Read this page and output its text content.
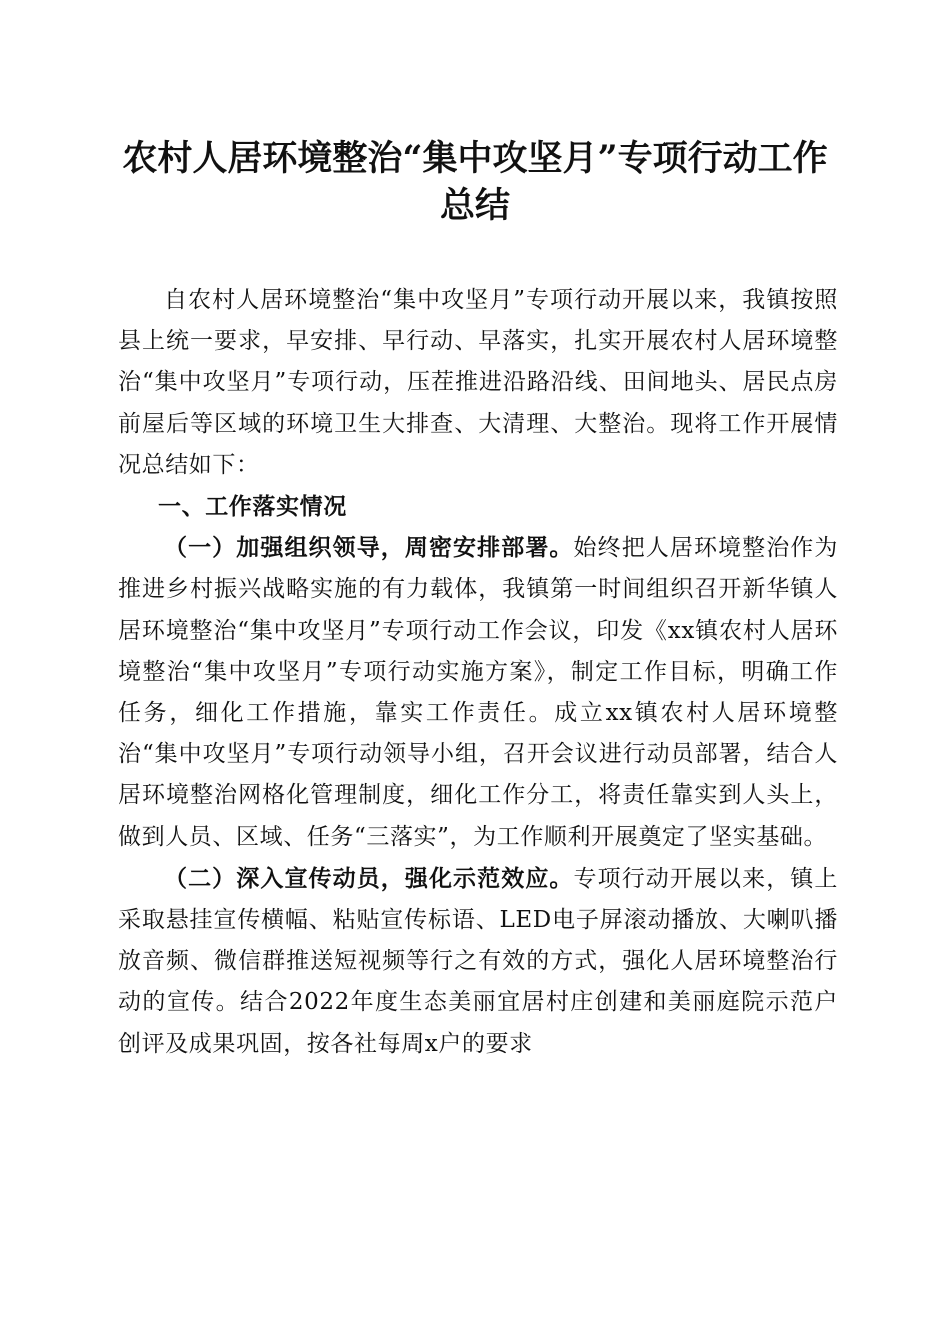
农村人居环境整治“集中攻坚月”专项行动工作总结

自农村人居环境整治“集中攻坚月”专项行动开展以来，我镇按照县上统一要求，早安排、早行动、早落实，扎实开展农村人居环境整治“集中攻坚月”专项行动，压茬推进沿路沿线、田间地头、居民点房前屋后等区域的环境卫生大排查、大清理、大整治。现将工作开展情况总结如下：

一、工作落实情况

（一）加强组织领导，周密安排部署。始终把人居环境整治作为推进乡村振兴战略实施的有力载体，我镇第一时间组织召开新华镇人居环境整治“集中攻坚月”专项行动工作会议，印发《xx镇农村人居环境整治“集中攻坚月”专项行动实施方案》，制定工作目标，明确工作任务，细化工作措施，靠实工作责任。成立xx镇农村人居环境整治“集中攻坚月”专项行动领导小组，召开会议进行动员部署，结合人居环境整治网格化管理制度，细化工作分工，将责任靠实到人头上，做到人员、区域、任务“三落实”，为工作顺利开展奠定了坚实基础。

（二）深入宣传动员，强化示范效应。专项行动开展以来，镇上采取悬挂宣传横幅、粘贴宣传标语、LED电子屏滚动播放、大喇叭播放音频、微信群推送短视频等行之有效的方式，强化人居环境整治行动的宣传。结合2022年度生态美丽宜居村庄创建和美丽庭院示范户创评及成果巩固，按各社每周x户的要求
